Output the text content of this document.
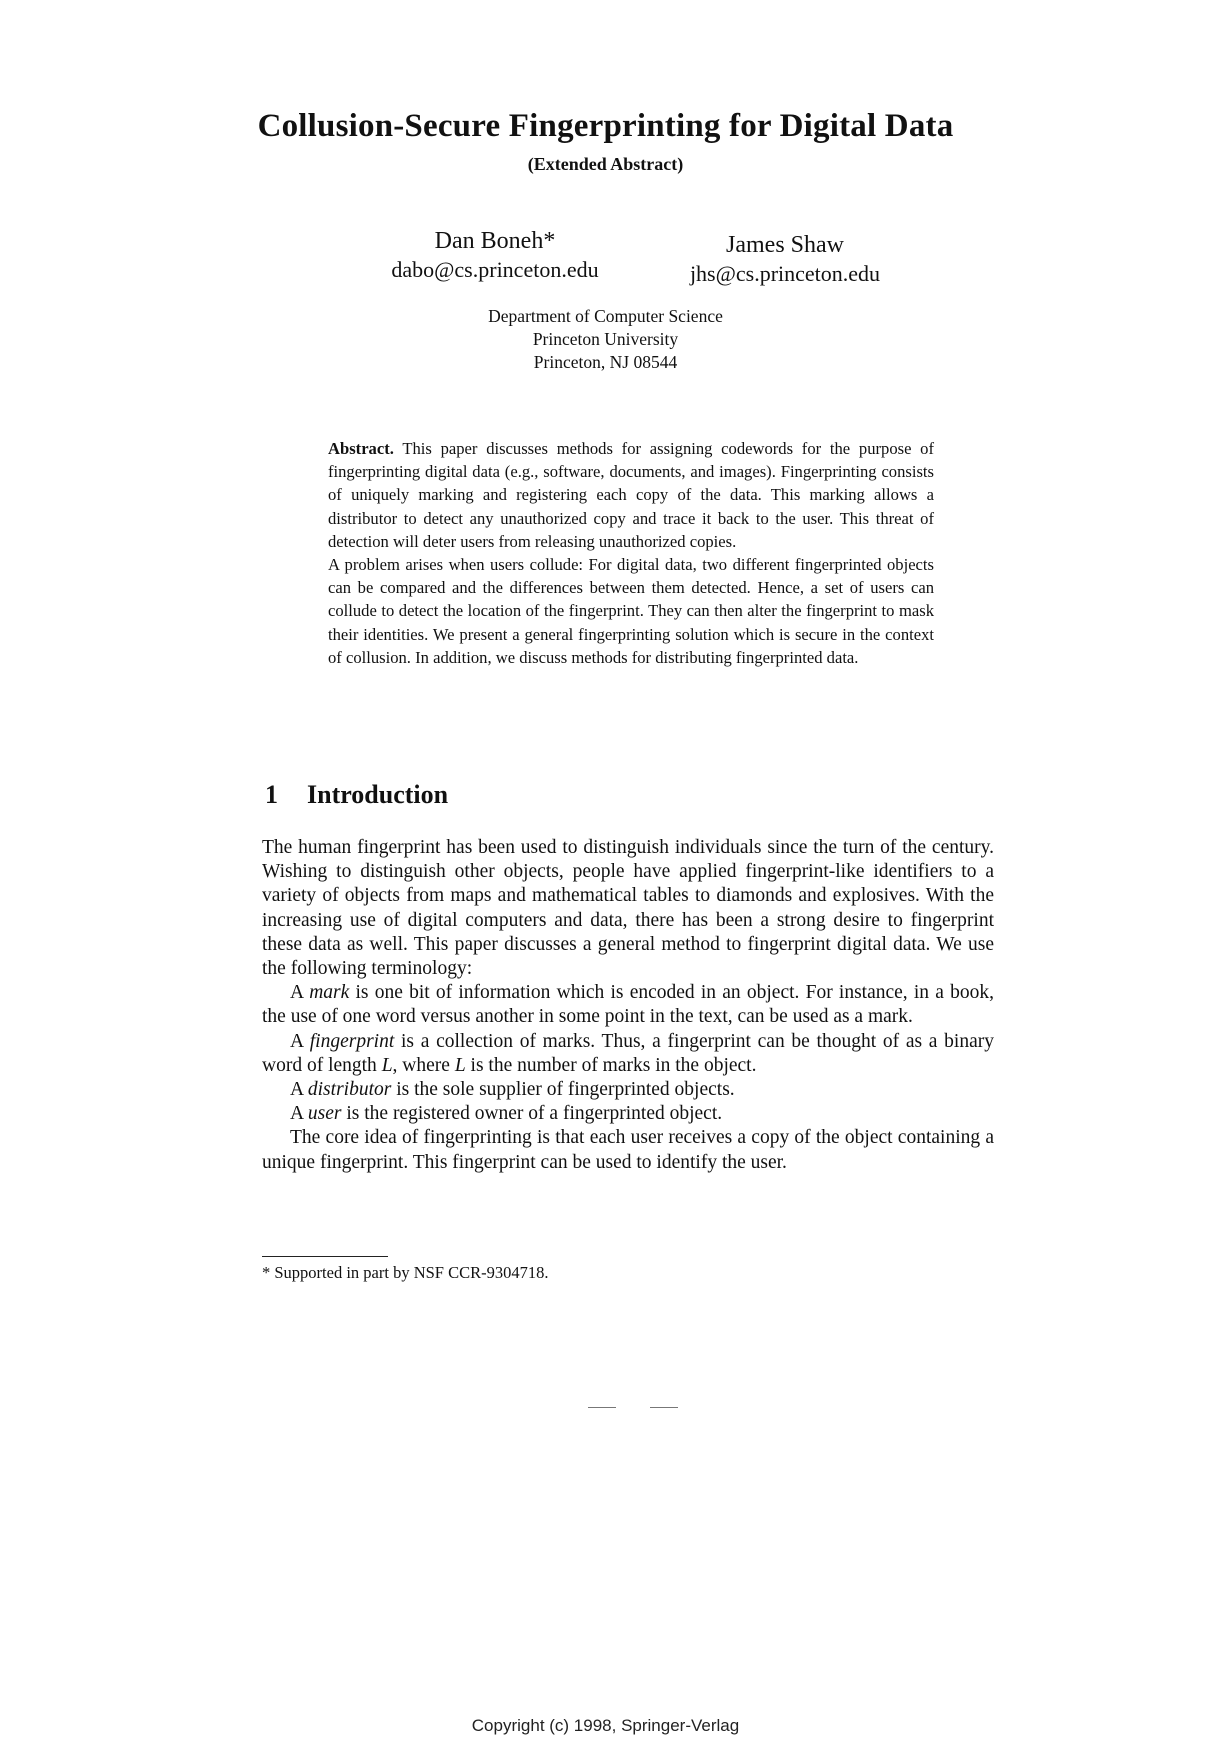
Collusion-Secure Fingerprinting for Digital Data
(Extended Abstract)
Dan Boneh*
dabo@cs.princeton.edu
James Shaw
jhs@cs.princeton.edu
Department of Computer Science
Princeton University
Princeton, NJ 08544

Abstract. This paper discusses methods for assigning codewords for the purpose of fingerprinting digital data (e.g., software, documents, and images). Fingerprinting consists of uniquely marking and registering each copy of the data. This marking allows a distributor to detect any unauthorized copy and trace it back to the user. This threat of detection will deter users from releasing unauthorized copies.

A problem arises when users collude: For digital data, two different fingerprinted objects can be compared and the differences between them detected. Hence, a set of users can collude to detect the location of the fingerprint. They can then alter the fingerprint to mask their identities. We present a general fingerprinting solution which is secure in the context of collusion. In addition, we discuss methods for distributing fingerprinted data.

1 Introduction

The human fingerprint has been used to distinguish individuals since the turn of the century. Wishing to distinguish other objects, people have applied fingerprint-like identifiers to a variety of objects from maps and mathematical tables to diamonds and explosives. With the increasing use of digital computers and data, there has been a strong desire to fingerprint these data as well. This paper discusses a general method to fingerprint digital data. We use the following terminology:

A mark is one bit of information which is encoded in an object. For instance, in a book, the use of one word versus another in some point in the text, can be used as a mark.

A fingerprint is a collection of marks. Thus, a fingerprint can be thought of as a binary word of length L, where L is the number of marks in the object.

A distributor is the sole supplier of fingerprinted objects.

A user is the registered owner of a fingerprinted object.

The core idea of fingerprinting is that each user receives a copy of the object containing a unique fingerprint. This fingerprint can be used to identify the user.

* Supported in part by NSF CCR-9304718.
Copyright (c) 1998, Springer-Verlag
